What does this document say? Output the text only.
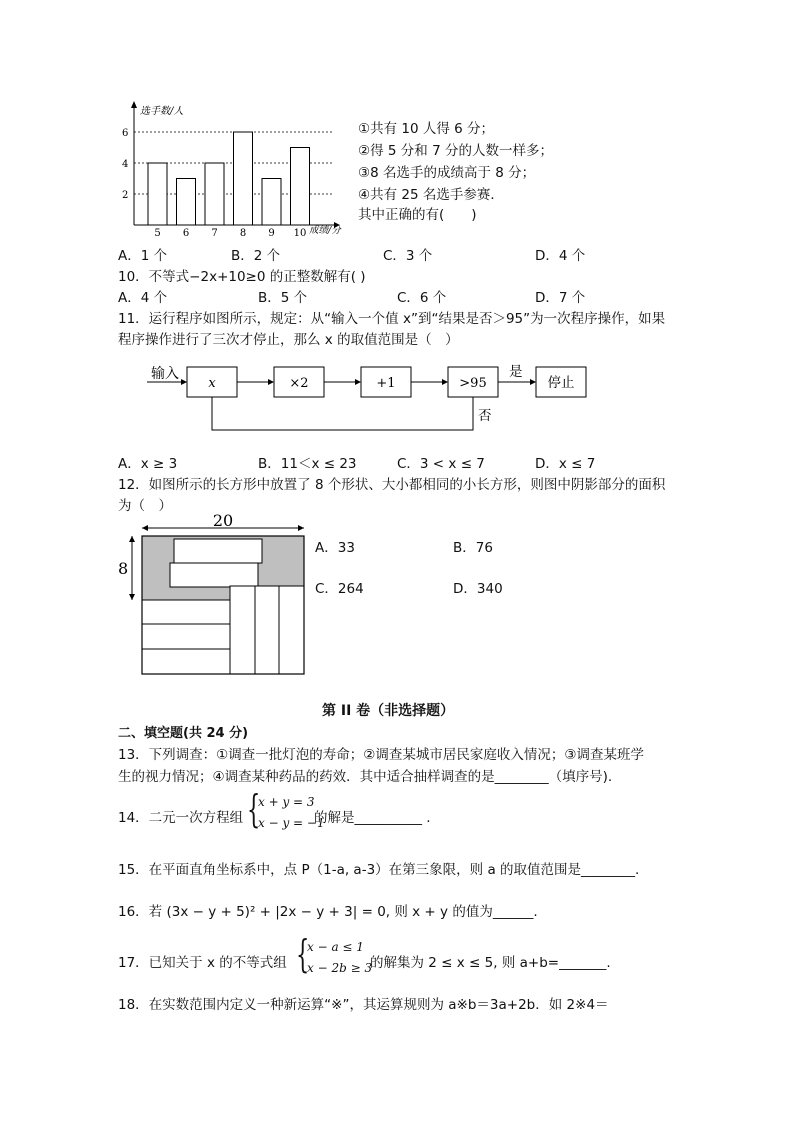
2
4
6
5 6 7 8 9 10
选手数/人
成绩/分
①共有 10 人得 6 分；
②得 5 分和 7 分的人数一样多；
③8 名选手的成绩高于 8 分；
④共有 25 名选手参赛．
其中正确的有(　　)
A．1 个	B．2 个	C．3 个	D．4 个
10．不等式−2x+10≥0 的正整数解有( )
A．4 个	B．5 个	C．6 个	D．7 个
11．运行程序如图所示，规定：从“输入一个值 x”到“结果是否＞95”为一次程序操作，如果
程序操作进行了三次才停止，那么 x 的取值范围是（　）
输入
x	×2	+1	>95
是
停止
否
A．x ≥ 3	B．11＜x ≤ 23	C．3 < x ≤ 7	D．x ≤ 7
12．如图所示的长方形中放置了 8 个形状、大小都相同的小长方形，则图中阴影部分的面积
为（　）
20
8
A．33	B．76
C．264	D．340
第 II 卷（非选择题）
二、填空题(共 24 分)
13．下列调查：①调查一批灯泡的寿命；②调查某城市居民家庭收入情况；③调查某班学
生的视力情况；④调查某种药品的药效．其中适合抽样调查的是________（填序号).
14．二元一次方程组 {
x + y = 3
x − y = −1
的解是__________ .
15．在平面直角坐标系中，点 P（1-a, a-3）在第三象限，则 a 的取值范围是________.
16．若 (3x − y + 5)² + |2x − y + 3| = 0, 则 x + y 的值为______.
17．已知关于 x 的不等式组 {
x − a ≤ 1
x − 2b ≥ 3
的解集为 2 ≤ x ≤ 5, 则 a+b=_______.
18．在实数范围内定义一种新运算“※”，其运算规则为 a※b＝3a+2b．如 2※4＝
